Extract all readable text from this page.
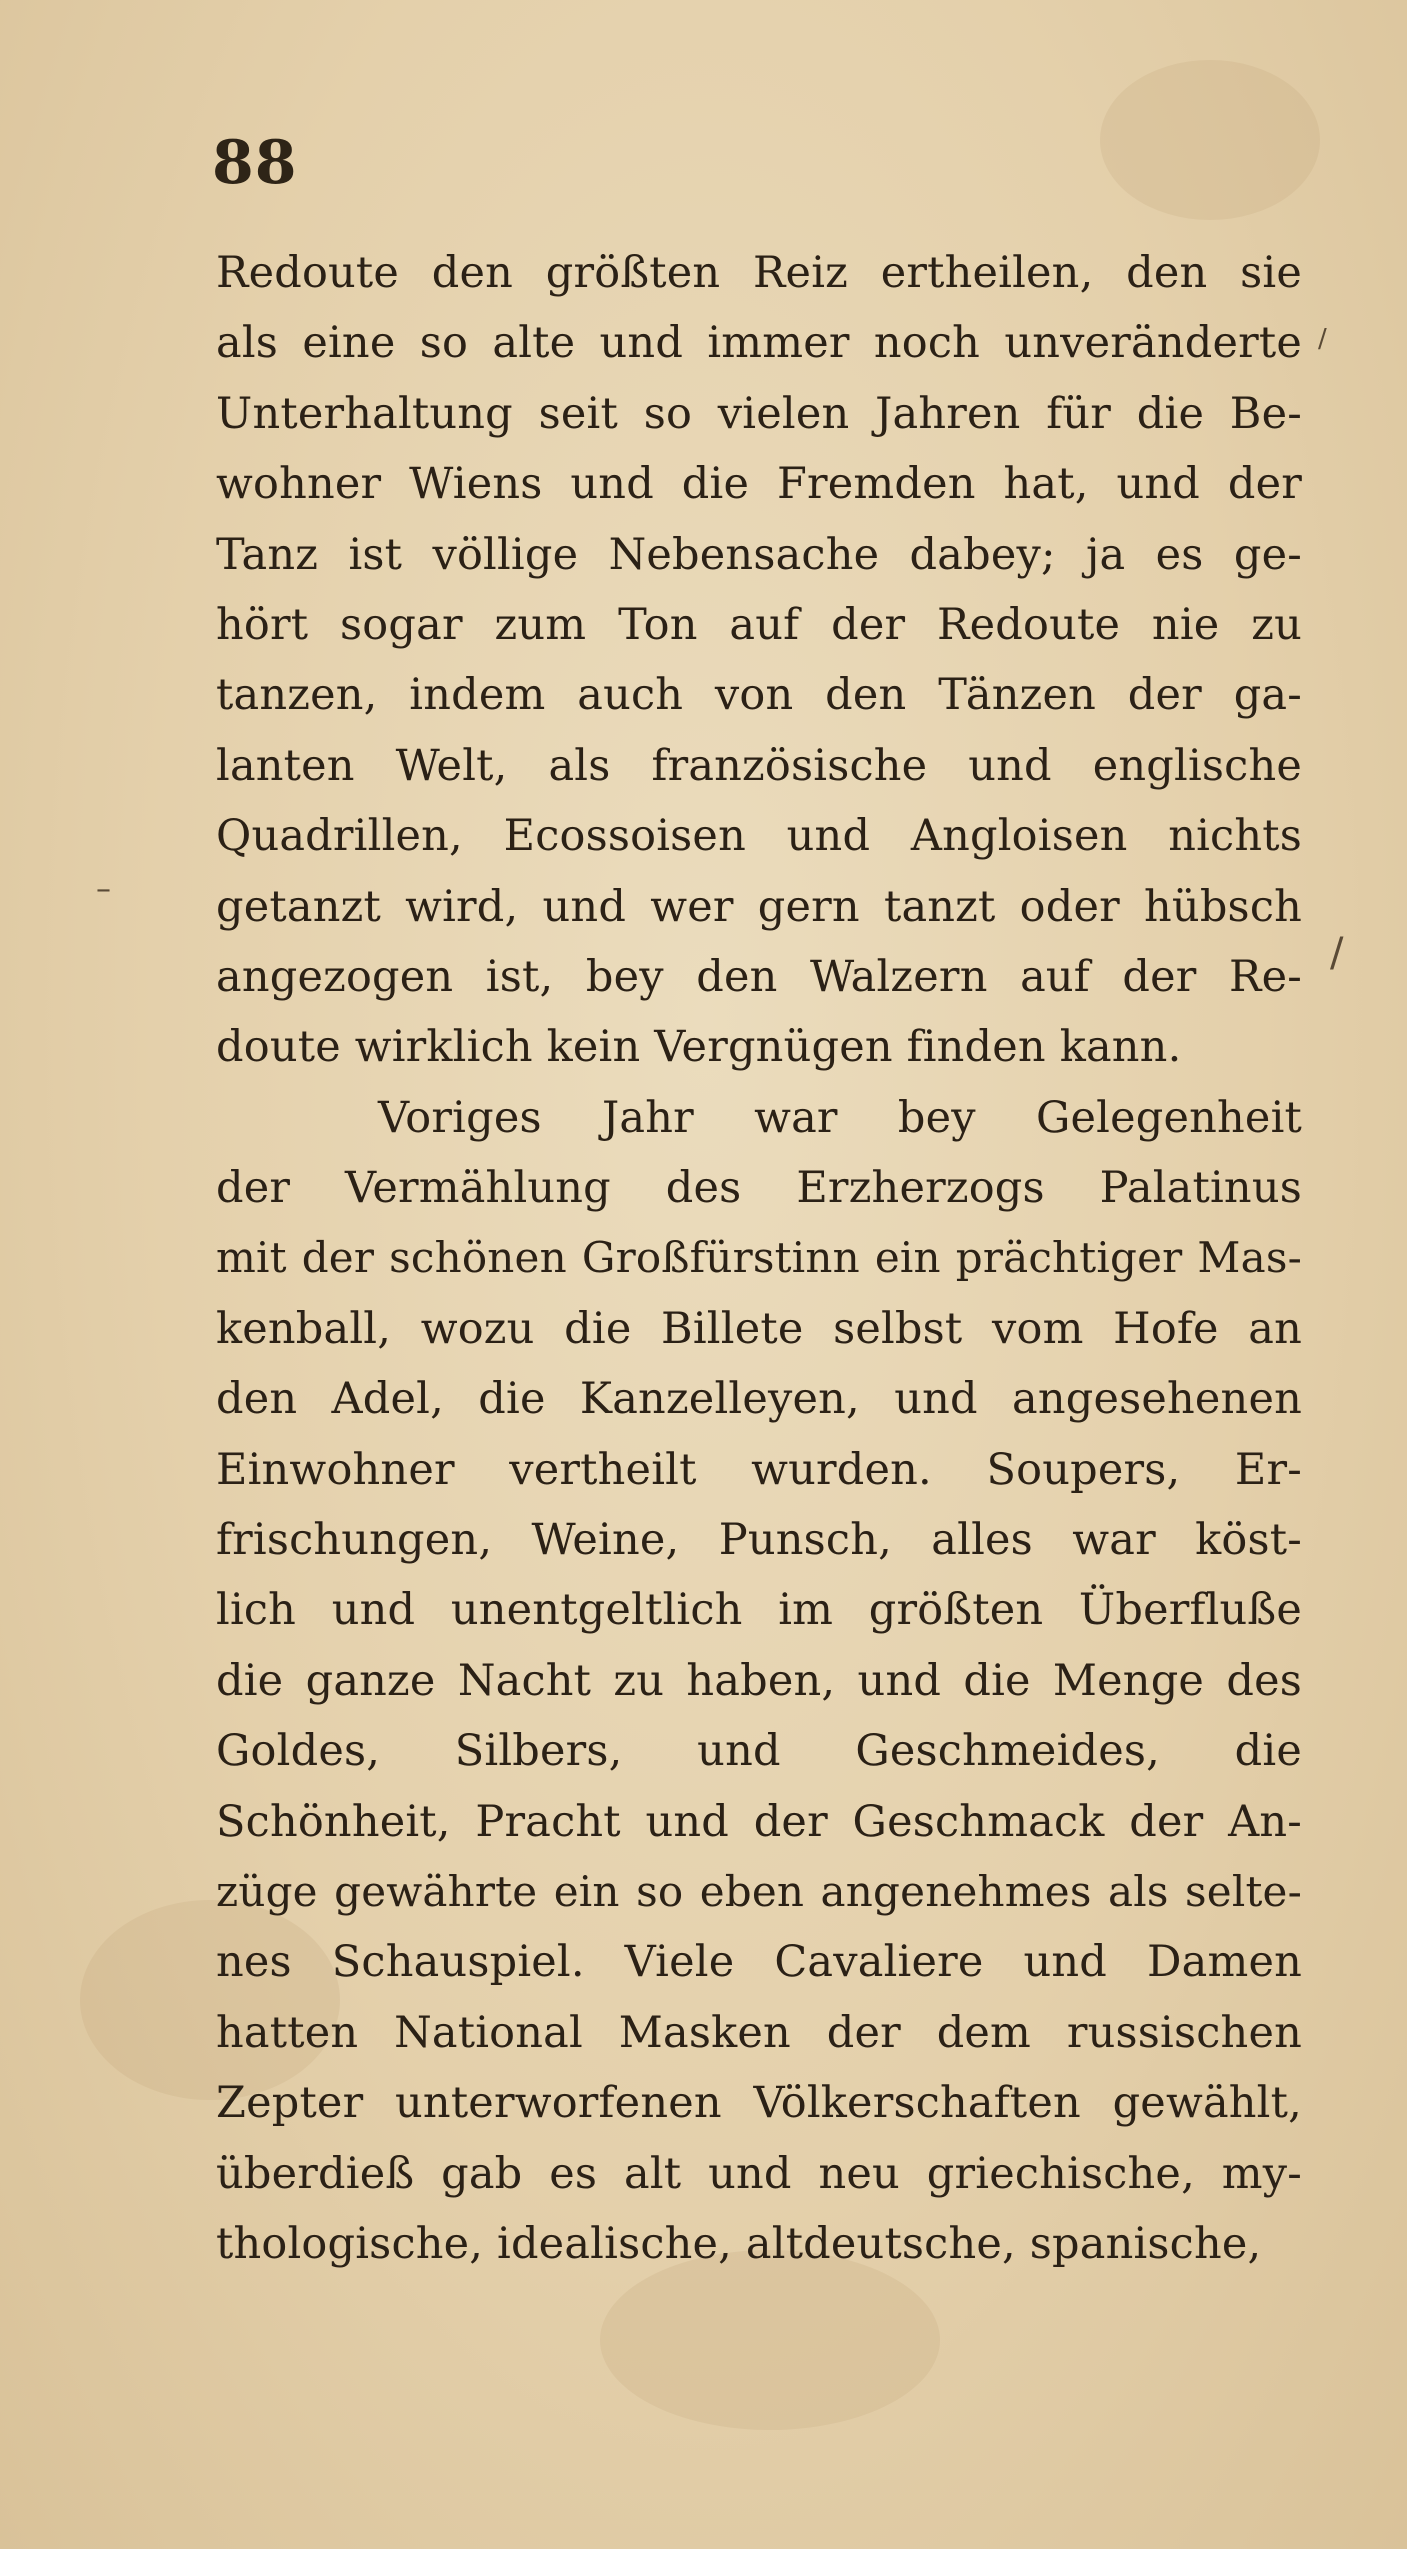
88
–
/
/
Redoute den größten Reiz ertheilen, den sie
als eine so alte und immer noch unveränderte
Unterhaltung seit so vielen Jahren für die Be-
wohner Wiens und die Fremden hat, und der
Tanz ist völlige Nebensache dabey; ja es ge-
hört sogar zum Ton auf der Redoute nie zu
tanzen, indem auch von den Tänzen der ga-
lanten Welt, als französische und englische
Quadrillen, Ecossoisen und Angloisen nichts
getanzt wird, und wer gern tanzt oder hübsch
angezogen ist, bey den Walzern auf der Re-
doute wirklich kein Vergnügen finden kann.
Voriges Jahr war bey Gelegenheit
der Vermählung des Erzherzogs Palatinus
mit der schönen Großfürstinn ein prächtiger Mas-
kenball, wozu die Billete selbst vom Hofe an
den Adel, die Kanzelleyen, und angesehenen
Einwohner vertheilt wurden. Soupers, Er-
frischungen, Weine, Punsch, alles war köst-
lich und unentgeltlich im größten Überfluße
die ganze Nacht zu haben, und die Menge des
Goldes, Silbers, und Geschmeides, die
Schönheit, Pracht und der Geschmack der An-
züge gewährte ein so eben angenehmes als selte-
nes Schauspiel. Viele Cavaliere und Damen
hatten National Masken der dem russischen
Zepter unterworfenen Völkerschaften gewählt,
überdieß gab es alt und neu griechische, my-
thologische, idealische, altdeutsche, spanische,
